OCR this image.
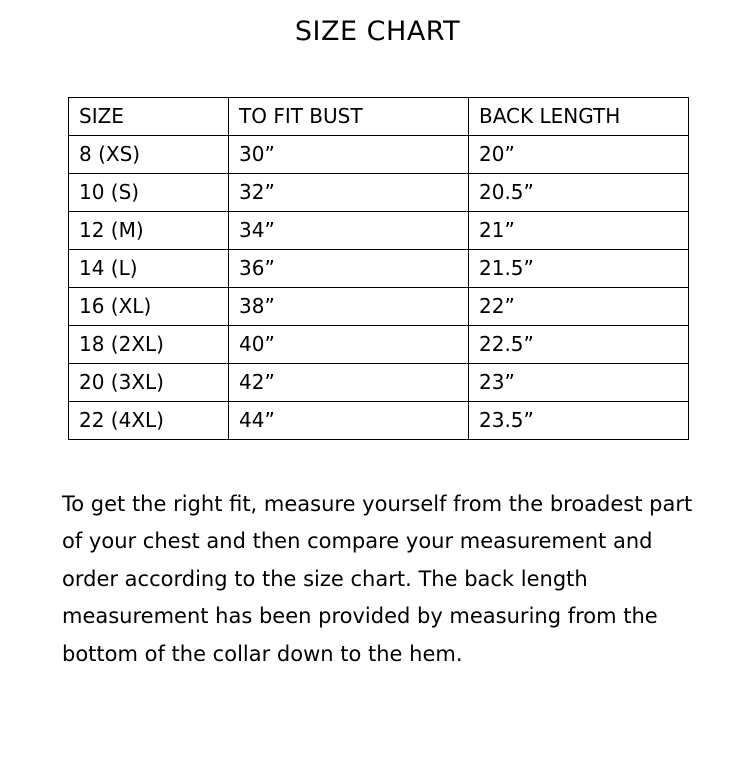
SIZE CHART
SIZE	TO FIT BUST	BACK LENGTH
8 (XS)	30”	20”
10 (S)	32”	20.5”
12 (M)	34”	21”
14 (L)	36”	21.5”
16 (XL)	38”	22”
18 (2XL)	40”	22.5”
20 (3XL)	42”	23”
22 (4XL)	44”	23.5”

To get the right fit, measure yourself from the broadest part of your chest and then compare your measurement and order according to the size chart. The back length measurement has been provided by measuring from the bottom of the collar down to the hem.
